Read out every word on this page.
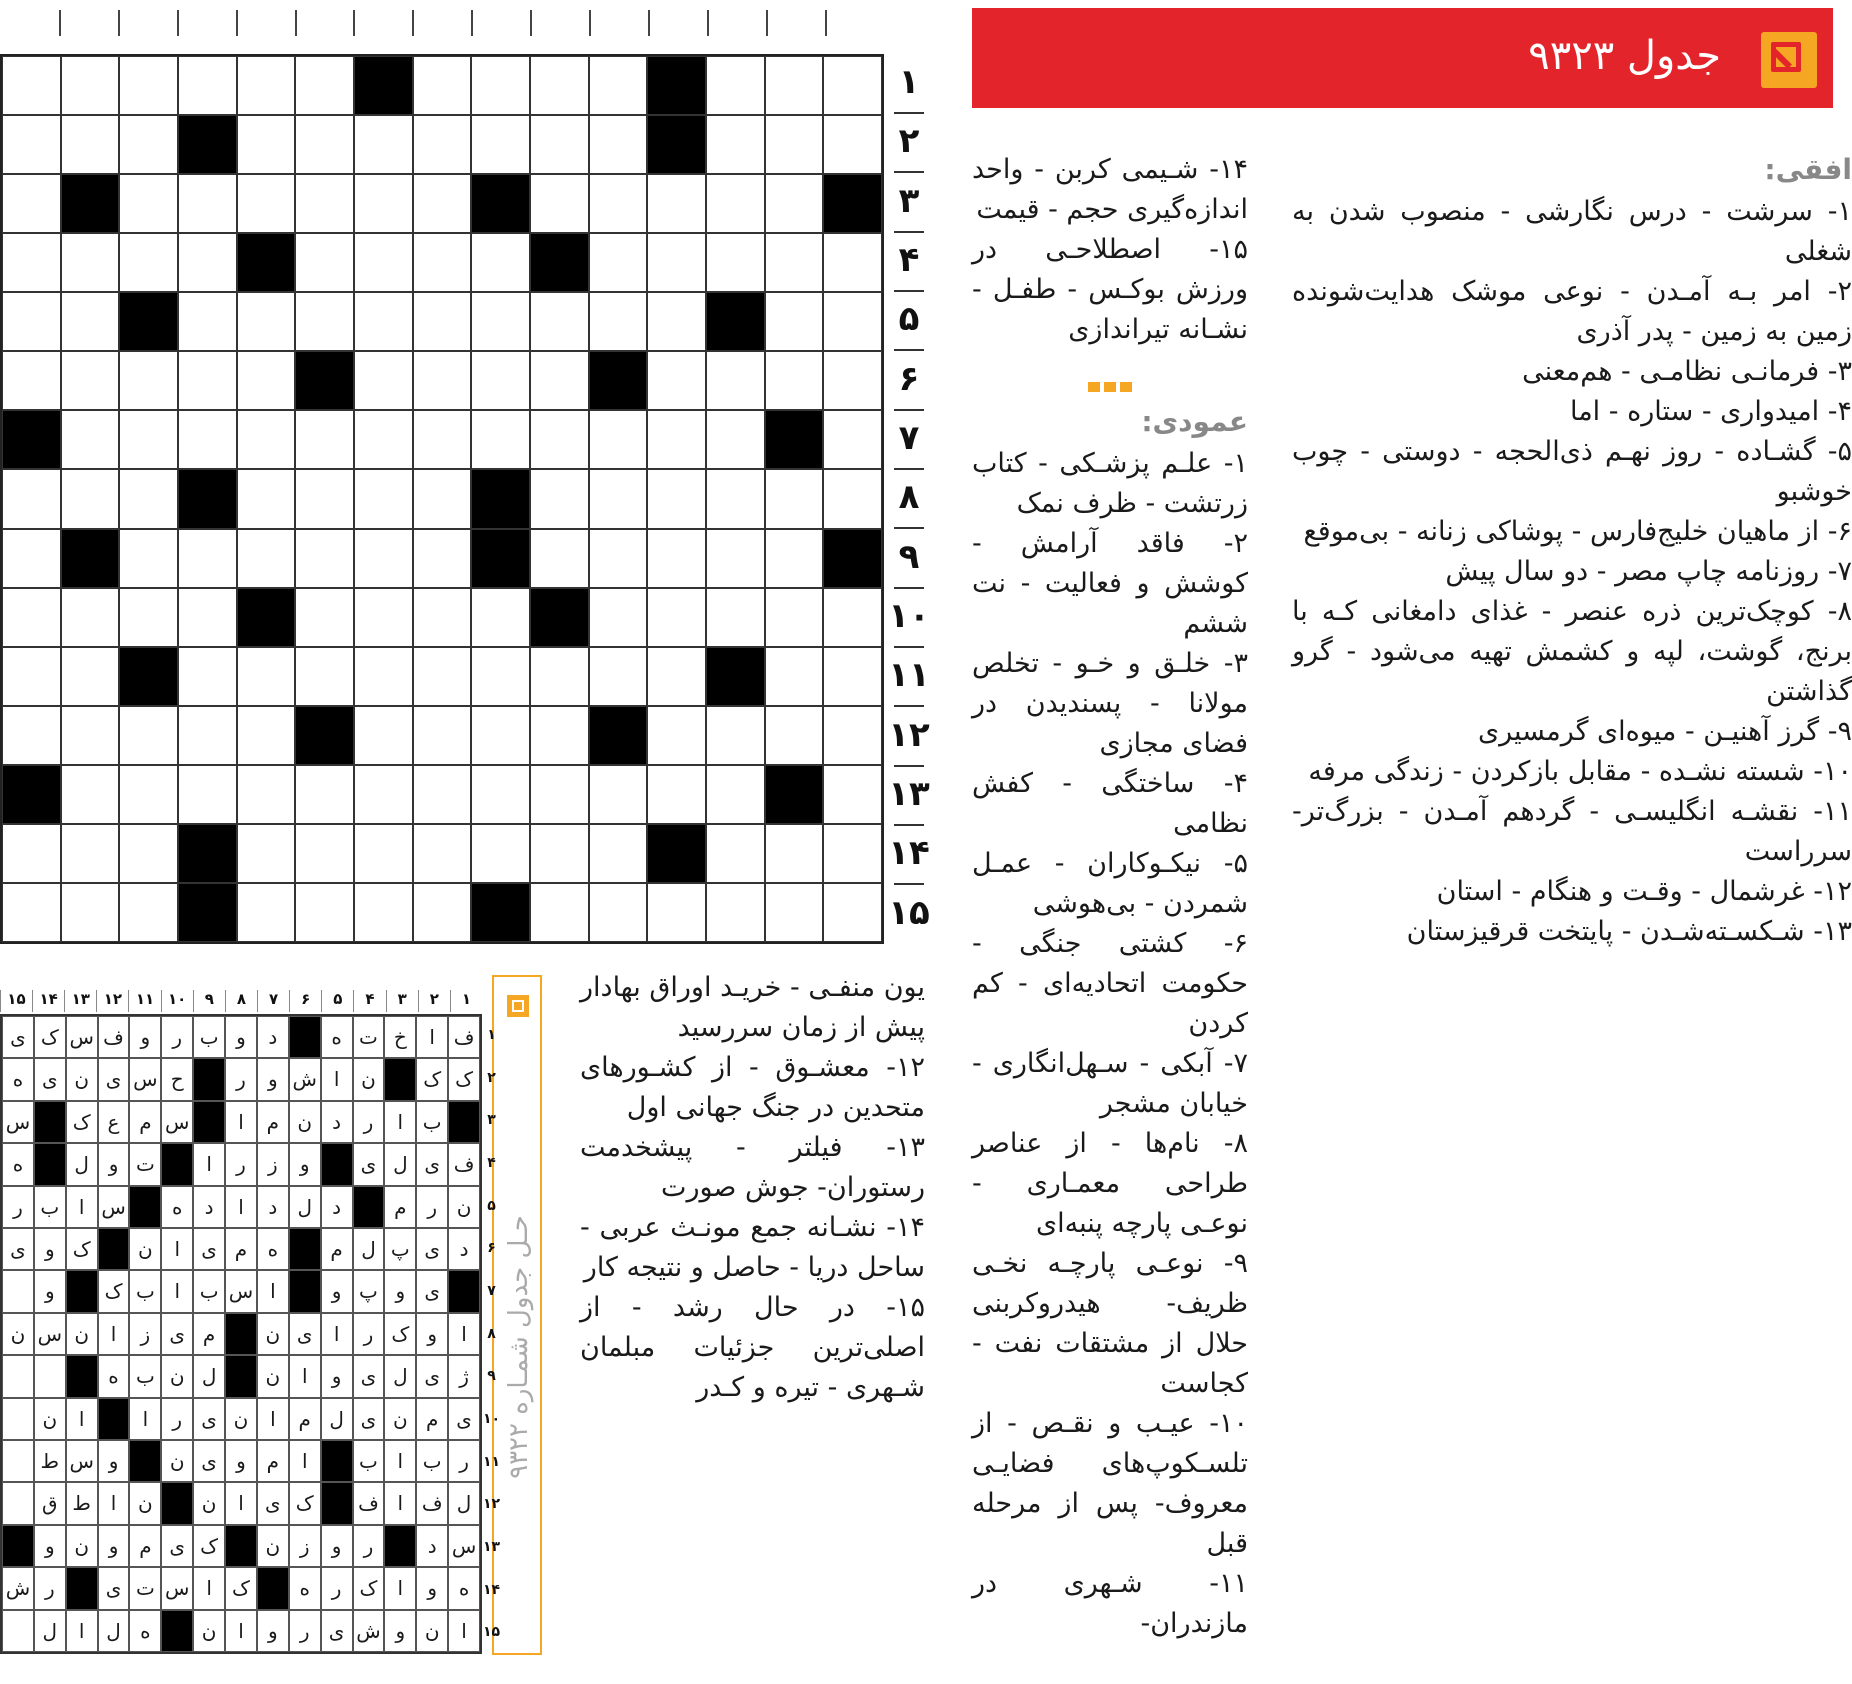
۱
۲
۳
۴
۵
۶
۷
۸
۹
۱۰
۱۱
۱۲
۱۳
۱۴
۱۵
جدول ۹۳۲۳
افقی:

۱- سرشت - درس نگارشی - منصوب شدن به شغلی

۲- امر بـه آمـدن - نوعی موشک هدایت‌شونده زمین به زمین - پدر آذری

۳- فرمانـی نظامـی - هم‌معنی

۴- امیدواری - ستاره - اما

۵- گشـاده - روز نهـم ذی‌الحجه - دوستی - چوب خوشبو

۶- از ماهیان خلیج‌فارس - پوشاکی زنانه - بی‌موقع

۷- روزنامه چاپ مصر - دو سال پیش

۸- کوچک‌ترین ذره عنصر - غذای دامغانی کـه با برنج، گوشت، لپه و کشمش تهیه می‌شود - گرو گذاشتن

۹- گرز آهنیـن - میوه‌ای گرمسیری

۱۰- شسته نشـده - مقابل بازکردن - زندگی مرفه

۱۱- نقشـه انگلیسـی - گردهم آمـدن - بزرگ‌تر- سرراست

۱۲- غرشمال - وقـت و هنگام - استان

۱۳- شـکسـته‌شـدن - پایتخت قرقیزستان

۱۴- شـیمی کربن - واحد اندازه‌گیری حجم - قیمت

۱۵- اصطلاحـی در ورزش بوکـس - طفـل - نشـانه تیراندازی

عمودی:

۱- علـم پزشـکی - کتاب زرتشت - ظرف نمک

۲- فاقد آرامش - کوشش و فعالیت - نت ششم

۳- خلـق و خـو - تخلص مولانا - پسندیدن در فضای مجازی

۴- ساختگی - کفش نظامی

۵- نیکـوکاران - عمـل شمردن - بی‌هوشی

۶- کشتی جنگی - حکومت اتحادیه‌ای - کم کردن

۷- آبکی - سـهل‌انگاری - خیابان مشجر

۸- نام‌ها - از عناصر طراحی معمـاری - نوعـی پارچه پنبه‌ای

۹- نوعـی پارچـه نخـی ظریف- هیدروکربنی حلال از مشتقات نفت - کجاست

۱۰- عیـب و نقـص - از تلسـکوپ‌های فضایـی معروف- پس از مرحله قبل

۱۱- شـهری در مازندران-

یون منفـی - خریـد اوراق بهادار پیش از زمان سررسید

۱۲- معشـوق - از کشـورهای متحدین در جنگ جهانی اول

۱۳- فیلتر - پیشخدمت رستوران- جوش صورت

۱۴- نشـانه جمع مونـث عربی - ساحل دریا - حاصل و نتیجه کار

۱۵- در حال رشد - از اصلی‌ترین جزئیات مبلمان شـهری - تیره و کـدر

حـل جدول شمـاره ۹۳۲۲
۱
۲
۳
۴
۵
۶
۷
۸
۹
۱۰
۱۱
۱۲
۱۳
۱۴
۱۵
ف
ا
خ
ت
ه
د
و
ب
ر
و
ف
س
ک
ی
ک
ک
ن
ا
ش
و
ر
ح
س
ی
ن
ی
ه
ب
ا
ر
د
ن
م
ا
س
م
ع
ک
س
ف
ی
ل
ی
و
ز
ر
ا
ت
و
ل
ه
ن
ر
م
د
ل
د
ا
د
ه
س
ا
ب
ر
د
ی
پ
ل
م
ه
م
ی
ا
ن
ک
و
ی
ی
و
پ
و
ا
س
ب
ا
ب
ک
و
ا
و
ک
ر
ا
ی
ن
م
ی
ز
ا
ن
س
ن
ژ
ی
ل
ی
و
ا
ن
ل
ن
ب
ه
ی
م
ن
ی
ل
م
ا
ن
ی
ر
ا
ا
ن
ر
ب
ا
ب
ا
م
و
ی
ن
و
س
ط
ل
ف
ا
ف
ک
ی
ا
ن
ن
ا
ط
ق
س
د
ر
و
ز
ن
ک
ی
م
و
ن
و
ه
و
ا
ک
ر
ه
ک
ا
س
ت
ی
ر
ش
ا
ن
و
ش
ی
ر
و
ا
ن
ه
ل
ا
ل
۱
۲
۳
۴
۵
۶
۷
۸
۹
۱۰
۱۱
۱۲
۱۳
۱۴
۱۵
